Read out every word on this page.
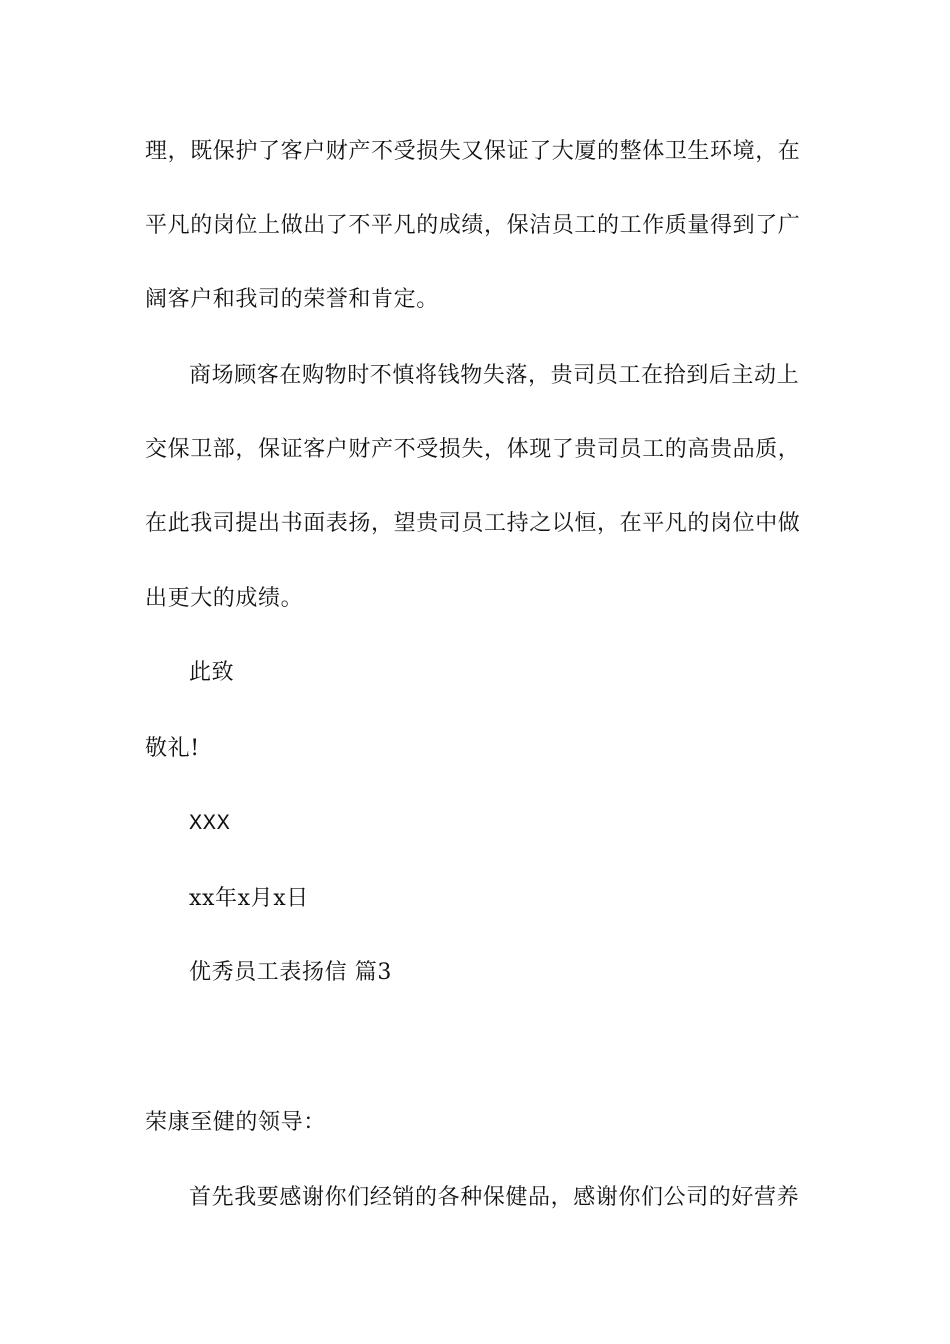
理，既保护了客户财产不受损失又保证了大厦的整体卫生环境，在
平凡的岗位上做出了不平凡的成绩，保洁员工的工作质量得到了广
阔客户和我司的荣誉和肯定。
商场顾客在购物时不慎将钱物失落，贵司员工在拾到后主动上
交保卫部，保证客户财产不受损失，体现了贵司员工的高贵品质，
在此我司提出书面表扬，望贵司员工持之以恒，在平凡的岗位中做
出更大的成绩。
此致
敬礼!
XXX
xx年x月x日
优秀员工表扬信 篇3
荣康至健的领导：
首先我要感谢你们经销的各种保健品，感谢你们公司的好营养
